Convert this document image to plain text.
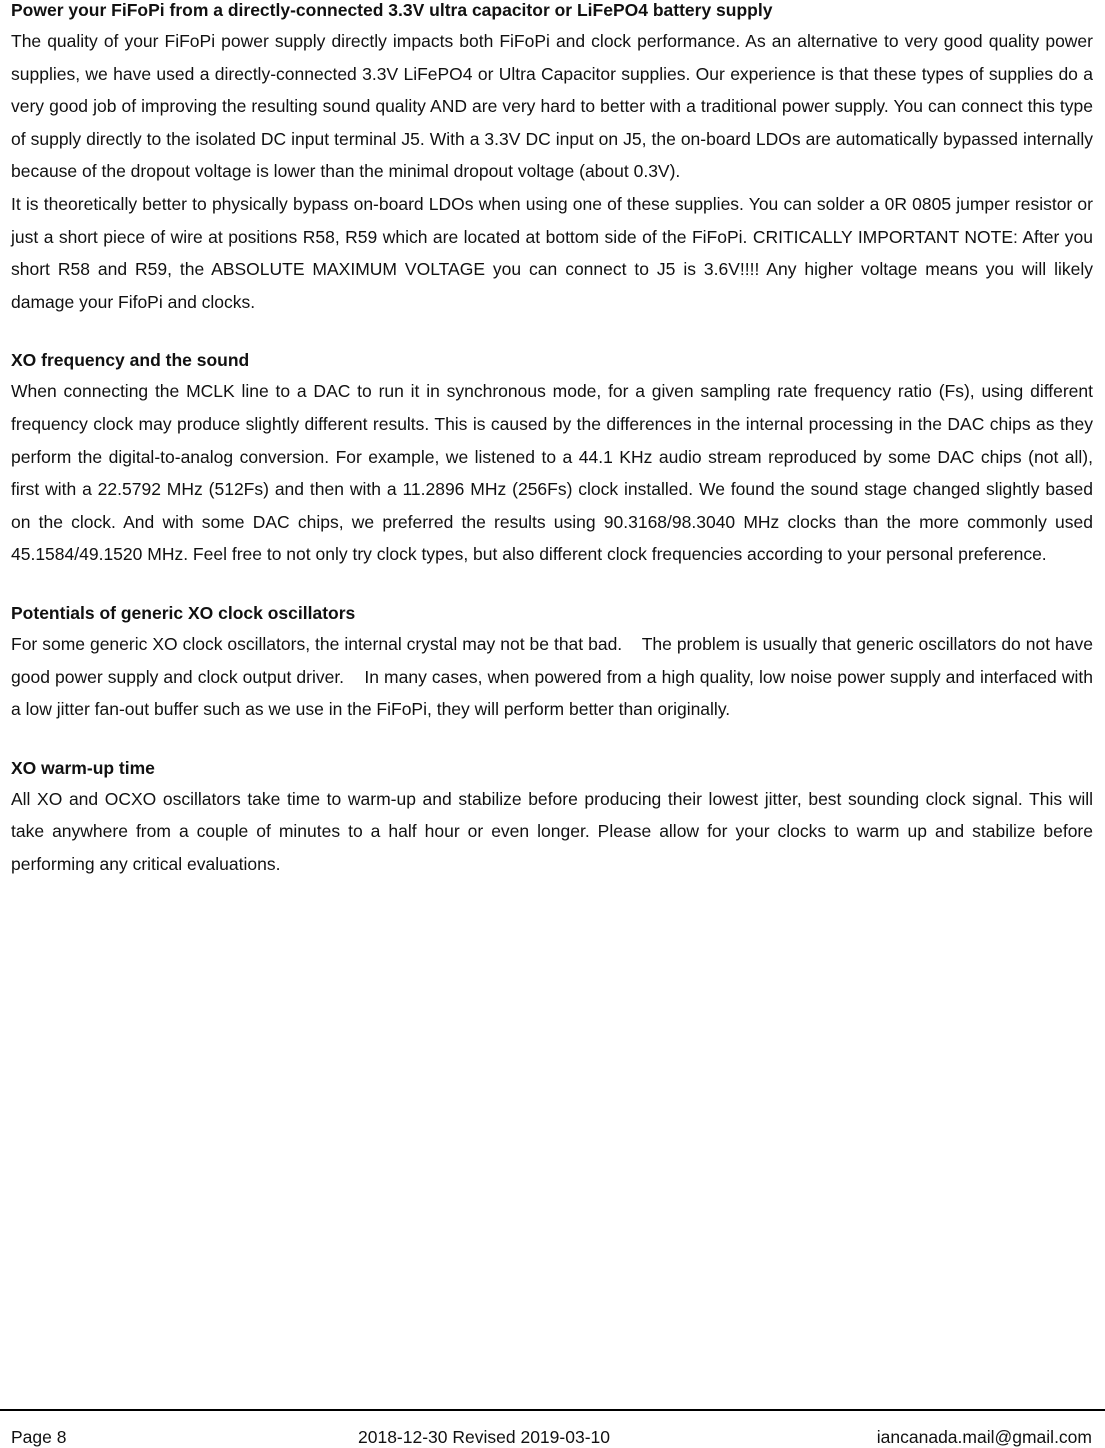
Power your FiFoPi from a directly-connected 3.3V ultra capacitor or LiFePO4 battery supply

The quality of your FiFoPi power supply directly impacts both FiFoPi and clock performance. As an alternative to very good quality power supplies, we have used a directly-connected 3.3V LiFePO4 or Ultra Capacitor supplies. Our experience is that these types of supplies do a very good job of improving the resulting sound quality AND are very hard to better with a traditional power supply. You can connect this type of supply directly to the isolated DC input terminal J5. With a 3.3V DC input on J5, the on-board LDOs are automatically bypassed internally because of the dropout voltage is lower than the minimal dropout voltage (about 0.3V).

It is theoretically better to physically bypass on-board LDOs when using one of these supplies. You can solder a 0R 0805 jumper resistor or just a short piece of wire at positions R58, R59 which are located at bottom side of the FiFoPi. CRITICALLY IMPORTANT NOTE: After you short R58 and R59, the ABSOLUTE MAXIMUM VOLTAGE you can connect to J5 is 3.6V!!!! Any higher voltage means you will likely damage your FifoPi and clocks.

XO frequency and the sound

When connecting the MCLK line to a DAC to run it in synchronous mode, for a given sampling rate frequency ratio (Fs), using different frequency clock may produce slightly different results. This is caused by the differences in the internal processing in the DAC chips as they perform the digital-to-analog conversion. For example, we listened to a 44.1 KHz audio stream reproduced by some DAC chips (not all), first with a 22.5792 MHz (512Fs) and then with a 11.2896 MHz (256Fs) clock installed. We found the sound stage changed slightly based on the clock. And with some DAC chips, we preferred the results using 90.3168/98.3040 MHz clocks than the more commonly used 45.1584/49.1520 MHz. Feel free to not only try clock types, but also different clock frequencies according to your personal preference.

Potentials of generic XO clock oscillators

For some generic XO clock oscillators, the internal crystal may not be that bad.    The problem is usually that generic oscillators do not have good power supply and clock output driver.    In many cases, when powered from a high quality, low noise power supply and interfaced with a low jitter fan-out buffer such as we use in the FiFoPi, they will perform better than originally.

XO warm-up time

All XO and OCXO oscillators take time to warm-up and stabilize before producing their lowest jitter, best sounding clock signal. This will take anywhere from a couple of minutes to a half hour or even longer. Please allow for your clocks to warm up and stabilize before performing any critical evaluations.

Page 8	2018-12-30 Revised 2019-03-10	iancanada.mail@gmail.com
